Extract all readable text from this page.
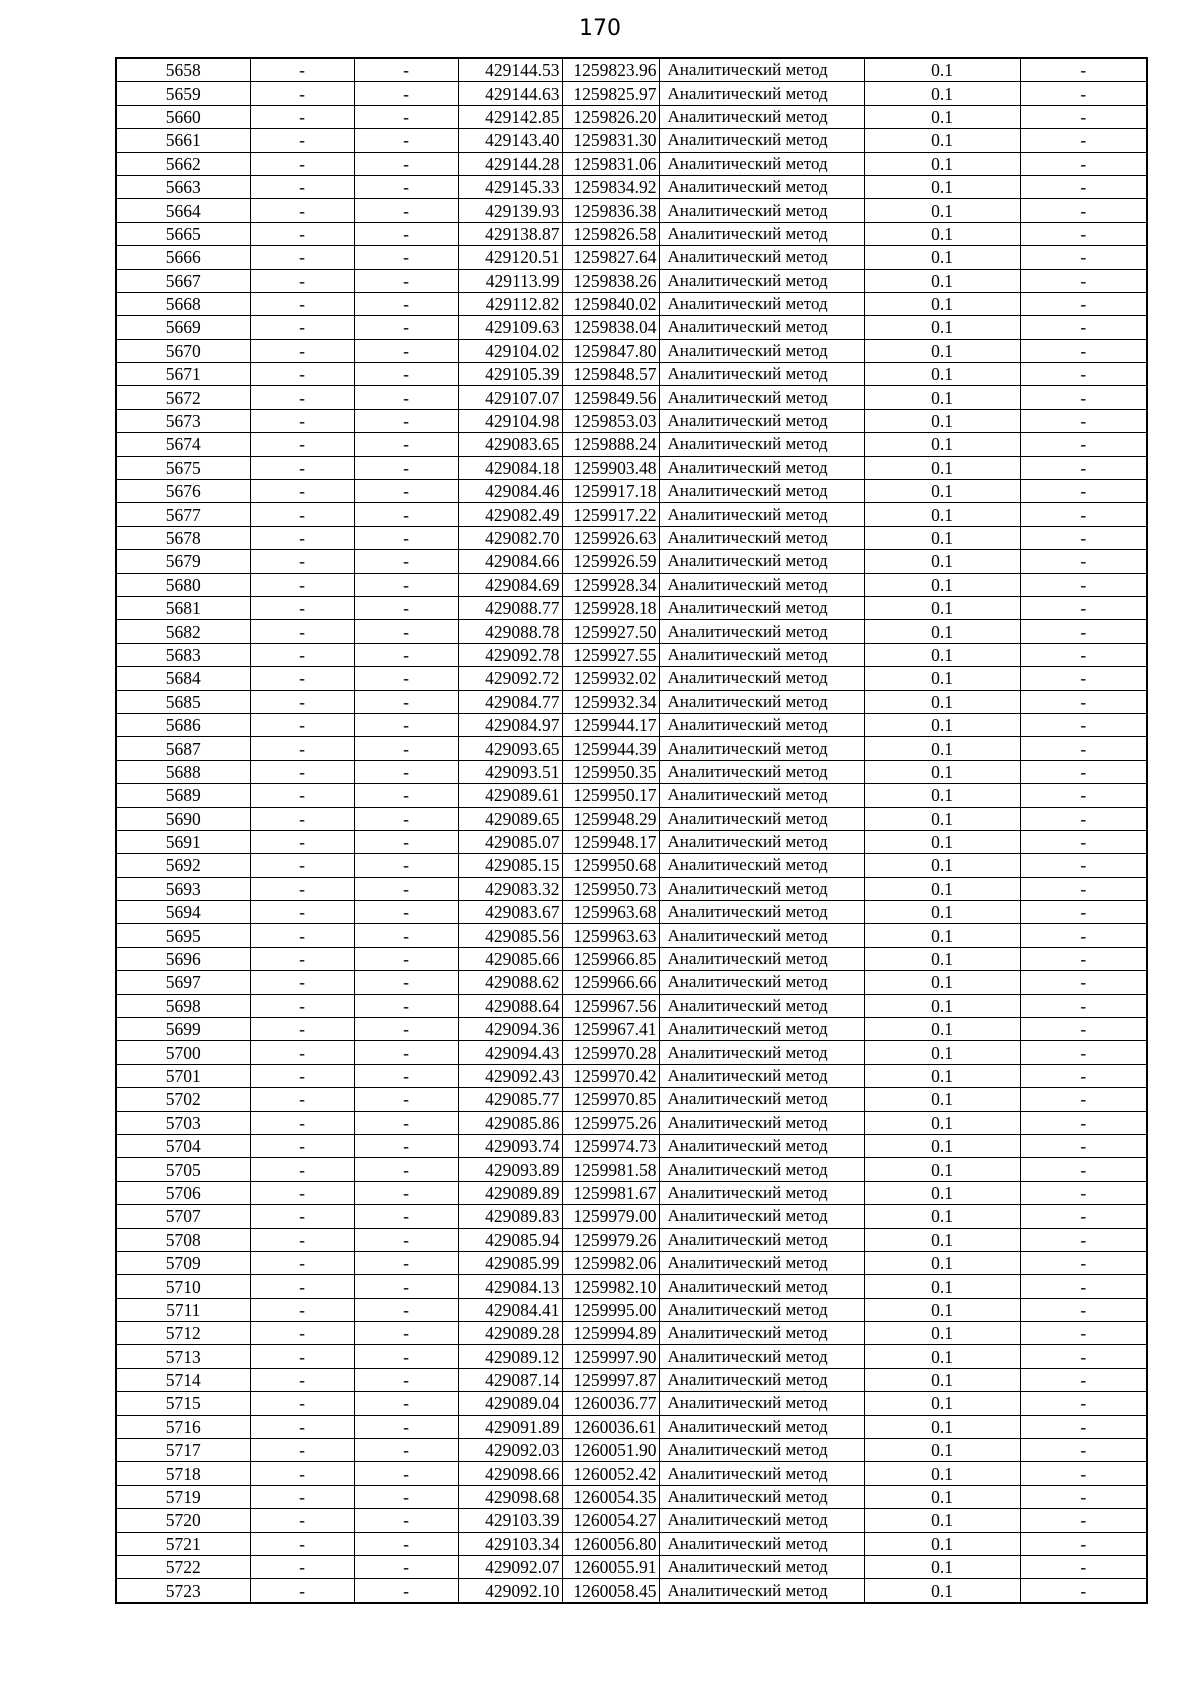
170
5658	-	-	429144.53	1259823.96	Аналитический метод	0.1	-
5659	-	-	429144.63	1259825.97	Аналитический метод	0.1	-
5660	-	-	429142.85	1259826.20	Аналитический метод	0.1	-
5661	-	-	429143.40	1259831.30	Аналитический метод	0.1	-
5662	-	-	429144.28	1259831.06	Аналитический метод	0.1	-
5663	-	-	429145.33	1259834.92	Аналитический метод	0.1	-
5664	-	-	429139.93	1259836.38	Аналитический метод	0.1	-
5665	-	-	429138.87	1259826.58	Аналитический метод	0.1	-
5666	-	-	429120.51	1259827.64	Аналитический метод	0.1	-
5667	-	-	429113.99	1259838.26	Аналитический метод	0.1	-
5668	-	-	429112.82	1259840.02	Аналитический метод	0.1	-
5669	-	-	429109.63	1259838.04	Аналитический метод	0.1	-
5670	-	-	429104.02	1259847.80	Аналитический метод	0.1	-
5671	-	-	429105.39	1259848.57	Аналитический метод	0.1	-
5672	-	-	429107.07	1259849.56	Аналитический метод	0.1	-
5673	-	-	429104.98	1259853.03	Аналитический метод	0.1	-
5674	-	-	429083.65	1259888.24	Аналитический метод	0.1	-
5675	-	-	429084.18	1259903.48	Аналитический метод	0.1	-
5676	-	-	429084.46	1259917.18	Аналитический метод	0.1	-
5677	-	-	429082.49	1259917.22	Аналитический метод	0.1	-
5678	-	-	429082.70	1259926.63	Аналитический метод	0.1	-
5679	-	-	429084.66	1259926.59	Аналитический метод	0.1	-
5680	-	-	429084.69	1259928.34	Аналитический метод	0.1	-
5681	-	-	429088.77	1259928.18	Аналитический метод	0.1	-
5682	-	-	429088.78	1259927.50	Аналитический метод	0.1	-
5683	-	-	429092.78	1259927.55	Аналитический метод	0.1	-
5684	-	-	429092.72	1259932.02	Аналитический метод	0.1	-
5685	-	-	429084.77	1259932.34	Аналитический метод	0.1	-
5686	-	-	429084.97	1259944.17	Аналитический метод	0.1	-
5687	-	-	429093.65	1259944.39	Аналитический метод	0.1	-
5688	-	-	429093.51	1259950.35	Аналитический метод	0.1	-
5689	-	-	429089.61	1259950.17	Аналитический метод	0.1	-
5690	-	-	429089.65	1259948.29	Аналитический метод	0.1	-
5691	-	-	429085.07	1259948.17	Аналитический метод	0.1	-
5692	-	-	429085.15	1259950.68	Аналитический метод	0.1	-
5693	-	-	429083.32	1259950.73	Аналитический метод	0.1	-
5694	-	-	429083.67	1259963.68	Аналитический метод	0.1	-
5695	-	-	429085.56	1259963.63	Аналитический метод	0.1	-
5696	-	-	429085.66	1259966.85	Аналитический метод	0.1	-
5697	-	-	429088.62	1259966.66	Аналитический метод	0.1	-
5698	-	-	429088.64	1259967.56	Аналитический метод	0.1	-
5699	-	-	429094.36	1259967.41	Аналитический метод	0.1	-
5700	-	-	429094.43	1259970.28	Аналитический метод	0.1	-
5701	-	-	429092.43	1259970.42	Аналитический метод	0.1	-
5702	-	-	429085.77	1259970.85	Аналитический метод	0.1	-
5703	-	-	429085.86	1259975.26	Аналитический метод	0.1	-
5704	-	-	429093.74	1259974.73	Аналитический метод	0.1	-
5705	-	-	429093.89	1259981.58	Аналитический метод	0.1	-
5706	-	-	429089.89	1259981.67	Аналитический метод	0.1	-
5707	-	-	429089.83	1259979.00	Аналитический метод	0.1	-
5708	-	-	429085.94	1259979.26	Аналитический метод	0.1	-
5709	-	-	429085.99	1259982.06	Аналитический метод	0.1	-
5710	-	-	429084.13	1259982.10	Аналитический метод	0.1	-
5711	-	-	429084.41	1259995.00	Аналитический метод	0.1	-
5712	-	-	429089.28	1259994.89	Аналитический метод	0.1	-
5713	-	-	429089.12	1259997.90	Аналитический метод	0.1	-
5714	-	-	429087.14	1259997.87	Аналитический метод	0.1	-
5715	-	-	429089.04	1260036.77	Аналитический метод	0.1	-
5716	-	-	429091.89	1260036.61	Аналитический метод	0.1	-
5717	-	-	429092.03	1260051.90	Аналитический метод	0.1	-
5718	-	-	429098.66	1260052.42	Аналитический метод	0.1	-
5719	-	-	429098.68	1260054.35	Аналитический метод	0.1	-
5720	-	-	429103.39	1260054.27	Аналитический метод	0.1	-
5721	-	-	429103.34	1260056.80	Аналитический метод	0.1	-
5722	-	-	429092.07	1260055.91	Аналитический метод	0.1	-
5723	-	-	429092.10	1260058.45	Аналитический метод	0.1	-
